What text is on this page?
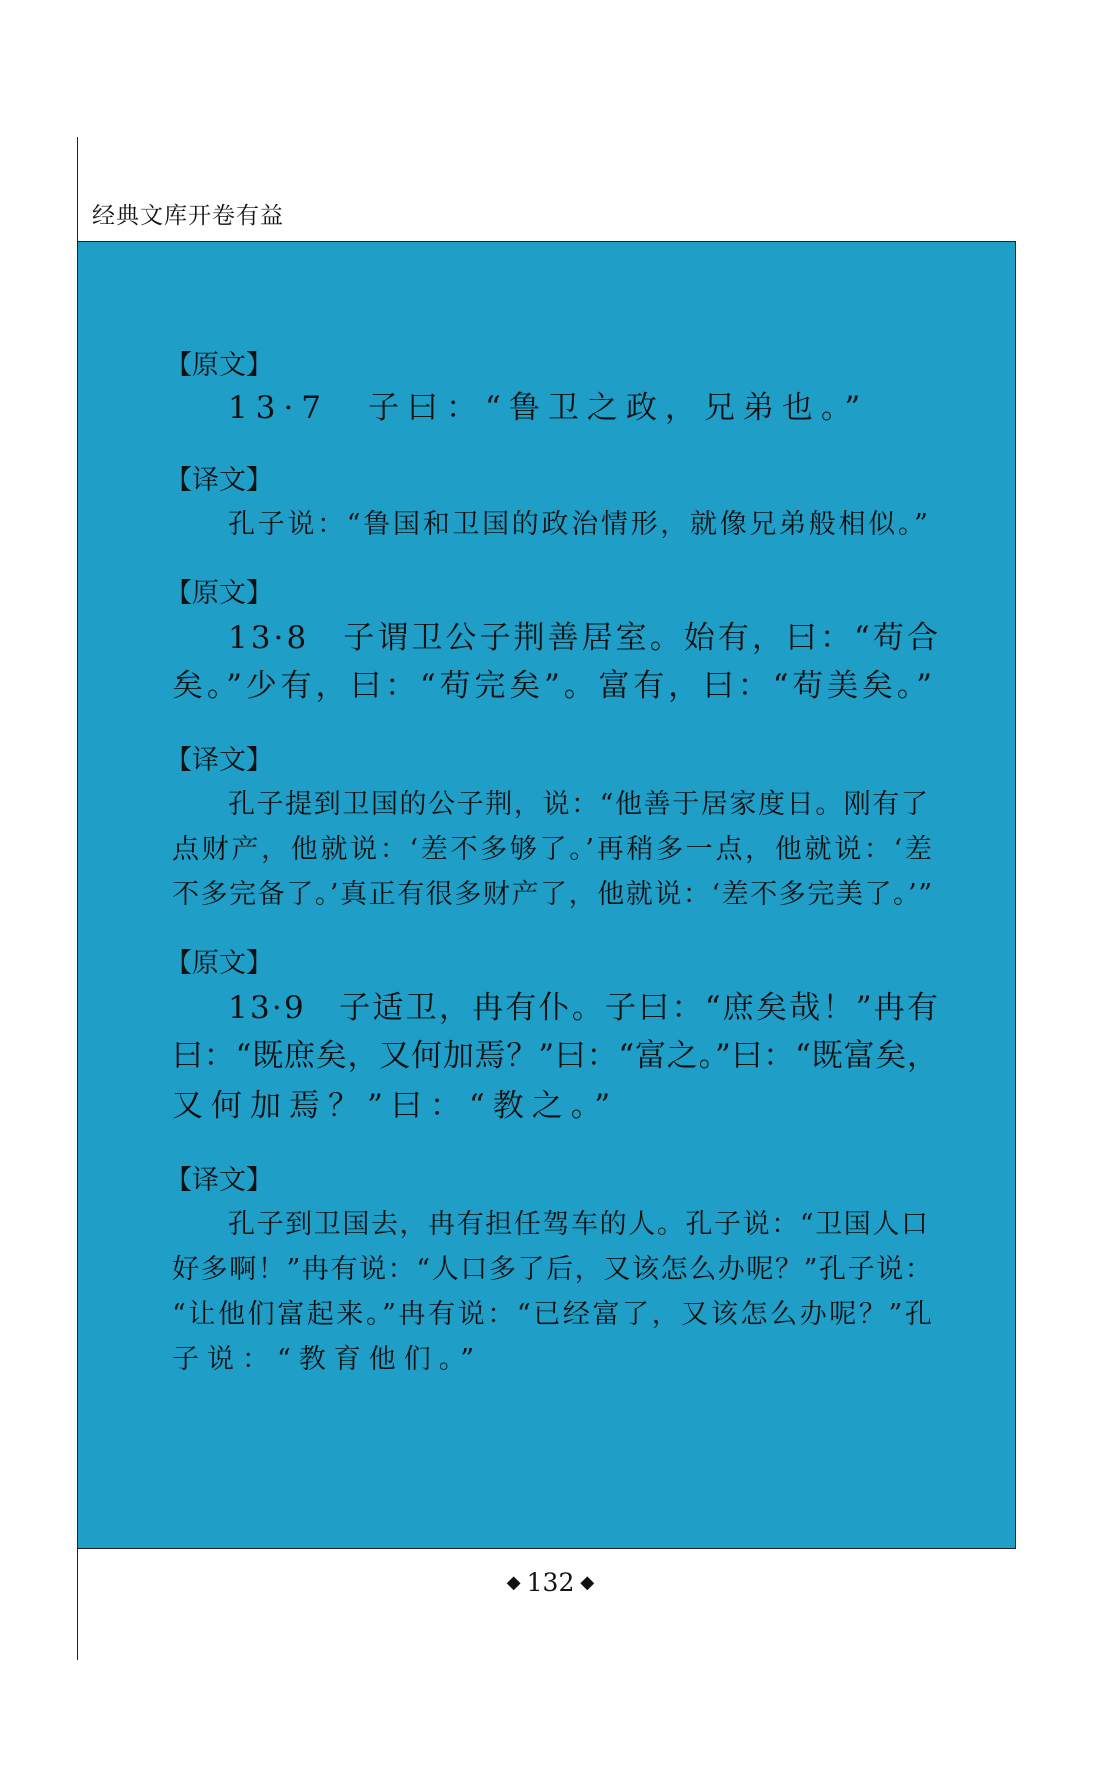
经典文库开卷有益
【原文】
13·7　子曰：“鲁卫之政，兄弟也。”
【译文】
孔子说：“鲁国和卫国的政治情形，就像兄弟般相似。”
【原文】
13·8　子谓卫公子荆善居室。始有，曰：“苟合
矣。”少有，曰：“苟完矣”。富有，曰：“苟美矣。”
【译文】
孔子提到卫国的公子荆，说：“他善于居家度日。刚有了
点财产，他就说：‘差不多够了。’再稍多一点，他就说：‘差
不多完备了。’真正有很多财产了，他就说：‘差不多完美了。’”
【原文】
13·9　子适卫，冉有仆。子曰：“庶矣哉！”冉有
曰：“既庶矣，又何加焉？”曰：“富之。”曰：“既富矣，
又何加焉？”曰：“教之。”
【译文】
孔子到卫国去，冉有担任驾车的人。孔子说：“卫国人口
好多啊！”冉有说：“人口多了后，又该怎么办呢？”孔子说：
“让他们富起来。”冉有说：“已经富了，又该怎么办呢？”孔
子说：“教育他们。”
◆ 132 ◆
